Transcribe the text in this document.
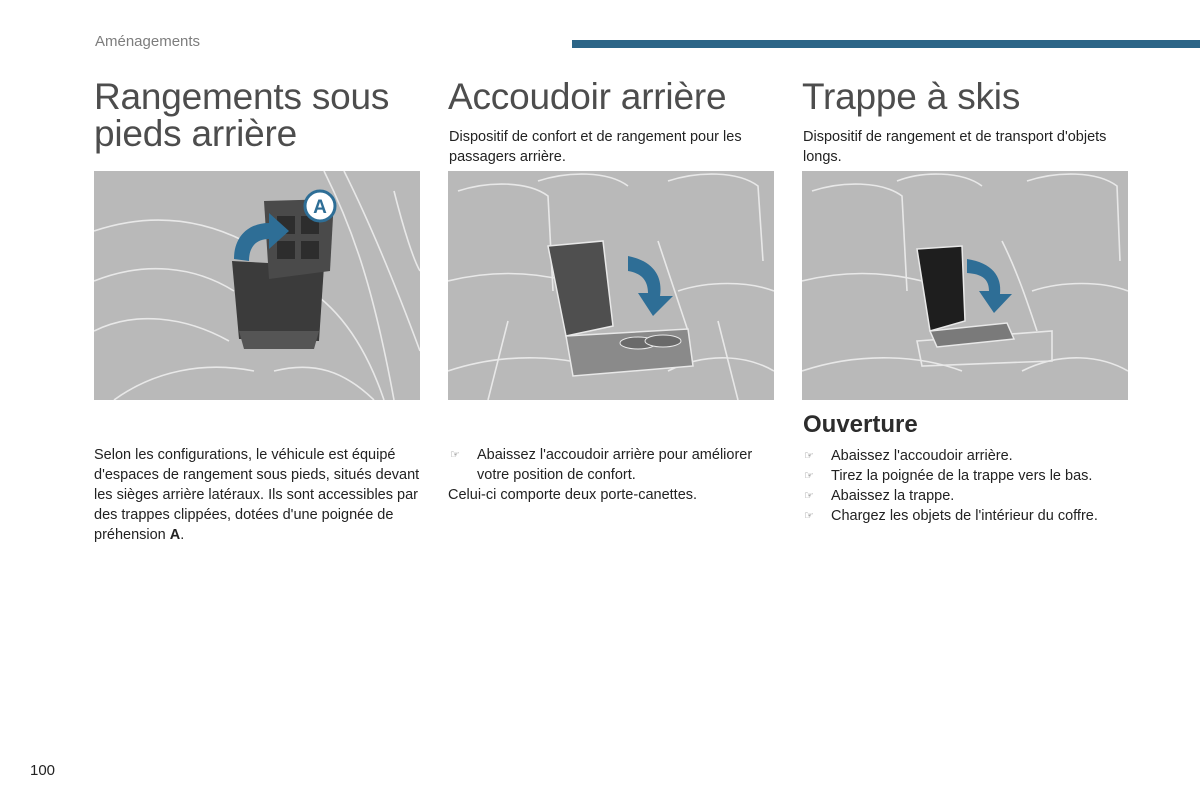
Aménagements
Rangements sous
pieds arrière
A
Selon les configurations, le véhicule est équipé d'espaces de rangement sous pieds, situés devant les sièges arrière latéraux. Ils sont accessibles par des trappes clippées, dotées d'une poignée de préhension A.
Accoudoir arrière
Dispositif de confort et de rangement pour les passagers arrière.
☞ Abaissez l'accoudoir arrière pour améliorer votre position de confort.
Celui-ci comporte deux porte-canettes.
Trappe à skis
Dispositif de rangement et de transport d'objets longs.
Ouverture
☞ Abaissez l'accoudoir arrière.
☞ Tirez la poignée de la trappe vers le bas.
☞ Abaissez la trappe.
☞ Chargez les objets de l'intérieur du coffre.
100
